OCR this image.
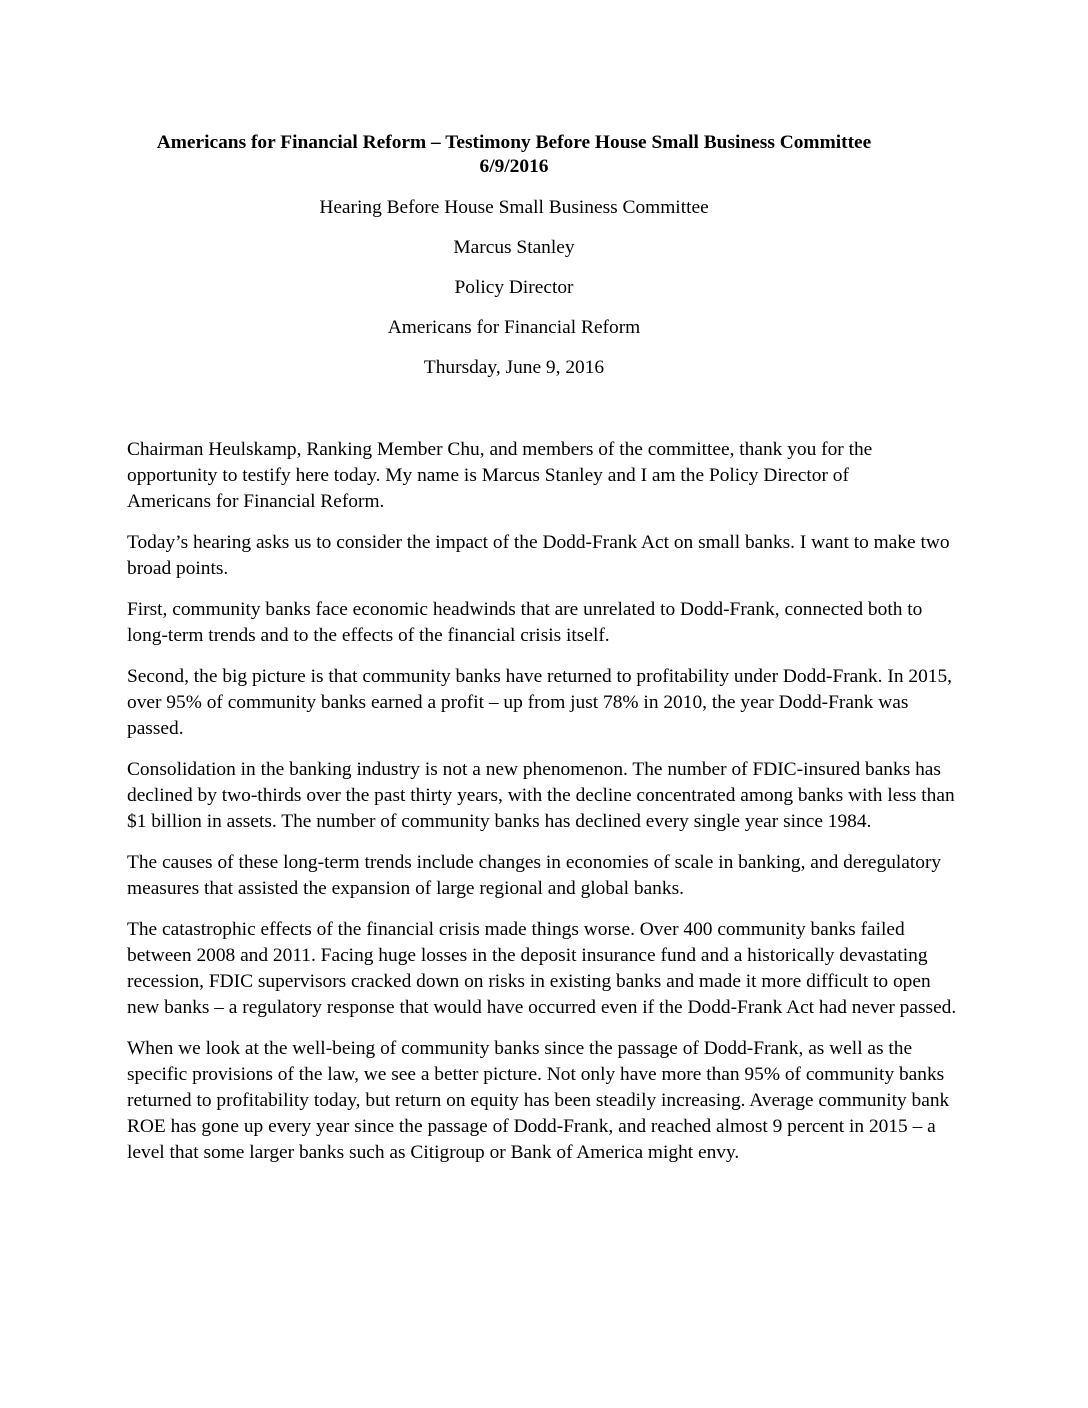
Americans for Financial Reform – Testimony Before House Small Business Committee 6/9/2016

Hearing Before House Small Business Committee

Marcus Stanley

Policy Director

Americans for Financial Reform

Thursday, June 9, 2016

Chairman Heulskamp, Ranking Member Chu, and members of the committee, thank you for the opportunity to testify here today. My name is Marcus Stanley and I am the Policy Director of Americans for Financial Reform.

Today’s hearing asks us to consider the impact of the Dodd-Frank Act on small banks. I want to make two broad points.

First, community banks face economic headwinds that are unrelated to Dodd-Frank, connected both to long-term trends and to the effects of the financial crisis itself.

Second, the big picture is that community banks have returned to profitability under Dodd-Frank. In 2015, over 95% of community banks earned a profit – up from just 78% in 2010, the year Dodd-Frank was passed.

Consolidation in the banking industry is not a new phenomenon. The number of FDIC-insured banks has declined by two-thirds over the past thirty years, with the decline concentrated among banks with less than $1 billion in assets. The number of community banks has declined every single year since 1984.

The causes of these long-term trends include changes in economies of scale in banking, and deregulatory measures that assisted the expansion of large regional and global banks.

The catastrophic effects of the financial crisis made things worse. Over 400 community banks failed between 2008 and 2011. Facing huge losses in the deposit insurance fund and a historically devastating recession, FDIC supervisors cracked down on risks in existing banks and made it more difficult to open new banks – a regulatory response that would have occurred even if the Dodd-Frank Act had never passed.

When we look at the well-being of community banks since the passage of Dodd-Frank, as well as the specific provisions of the law, we see a better picture. Not only have more than 95% of community banks returned to profitability today, but return on equity has been steadily increasing. Average community bank ROE has gone up every year since the passage of Dodd-Frank, and reached almost 9 percent in 2015 – a level that some larger banks such as Citigroup or Bank of America might envy.
